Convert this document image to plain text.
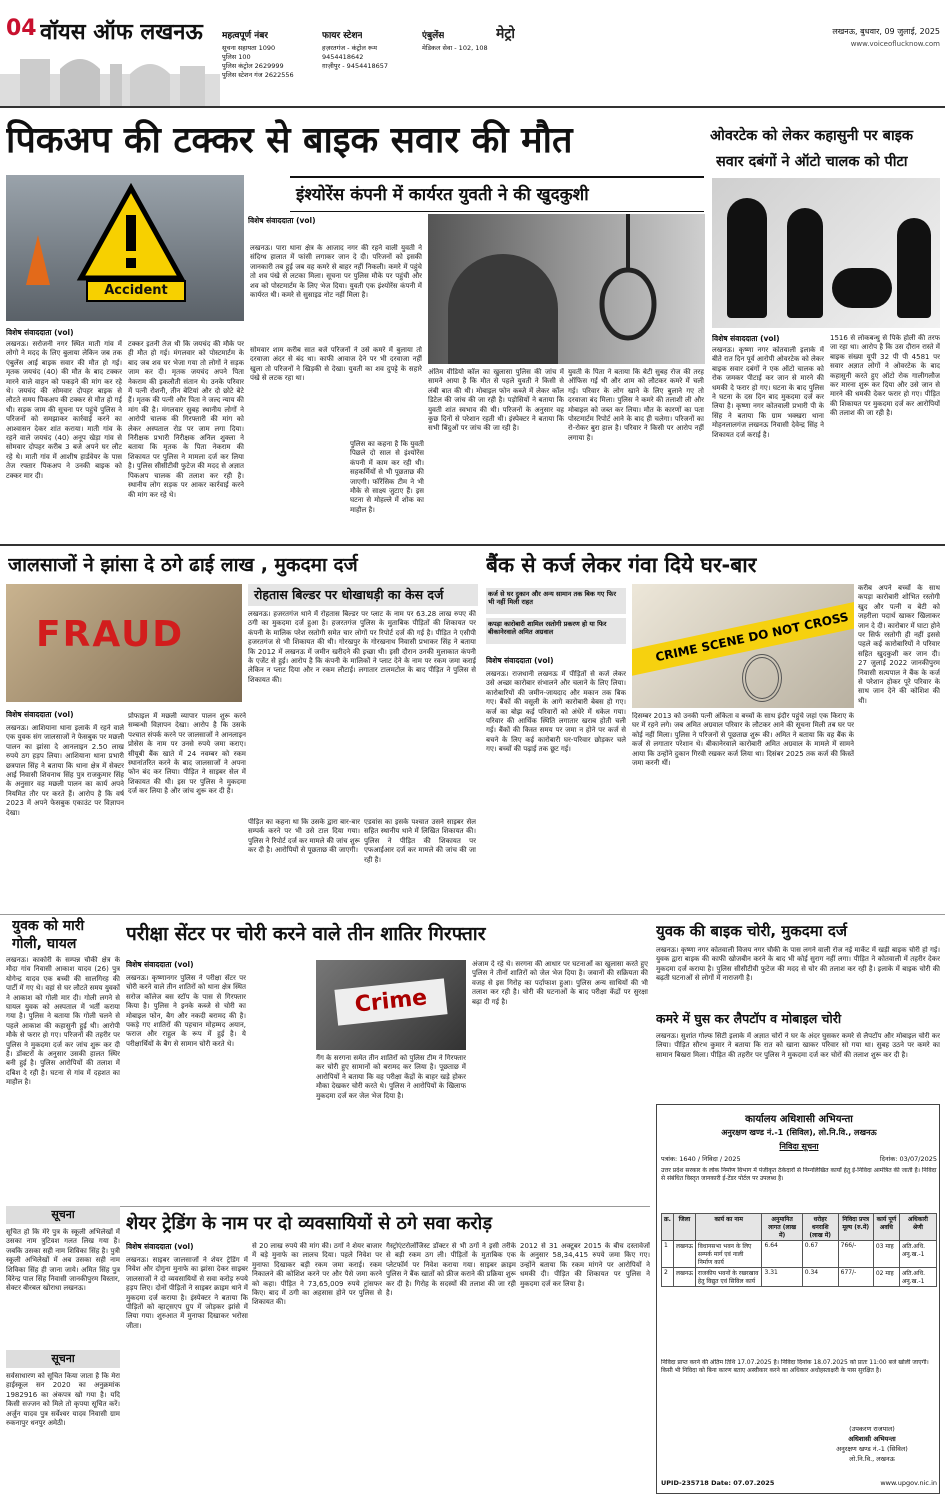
04 वॉयस ऑफ लखनऊ	महत्वपूर्ण नंबर
सूचना सहायता 1090
पुलिस 100
पुलिस कंट्रोल 2629999
पुलिस स्टेशन गंज 2622556
फायर स्टेशन
हज़रतगंज - कंट्रोल रूम
9454418642
ग़ाज़ीपुर - 9454418657
एंबुलेंस
मेडिकल सेवा - 102, 108
मेट्रो	लखनऊ, बुधवार, 09 जुलाई, 2025
www.voiceoflucknow.com
पिकअप की टक्कर से बाइक सवार की मौत
Accident
विशेष संवाददाता (vol)
लखनऊ। सरोजनी नगर स्थित माती गांव में लोगो ने मदद के लिए बुलाया लेकिन जब तक एंबुलेंस आई बाइक सवार की मौत हो गई। मृतक जयचंद (40) की मौत के बाद टक्कर मारने वाले वाहन को पकड़ने की मांग कर रहे थे। जयचंद की सोमवार दोपहर बाइक से लौटते समय पिकअप की टक्कर से मौत हो गई थी। सड़क जाम की सूचना पर पहुंचे पुलिस ने परिजनों को समझाकर कार्रवाई करने का आश्वासन देकर शांत कराया। माती गांव के रहने वाले जयचंद (40) अनूप खेड़ा गांव से सोमवार दोपहर करीब 3 बजे अपने घर लौट रहे थे। माती गांव में आशीष हार्डवेयर के पास तेज रफ्तार पिकअप ने उनकी बाइक को टक्कर मार दी।
टक्कर इतनी तेज थी कि जयचंद की मौके पर ही मौत हो गई। मंगलवार को पोस्टमार्टम के बाद जब शव घर भेजा गया तो लोगों ने सड़क जाम कर दी। मृतक जयचंद अपने पिता नेकराम की इकलौती संतान थे। उनके परिवार में पत्नी रोशनी, तीन बेटियां और दो छोटे बेटे हैं। मृतक की पत्नी और पिता ने जल्द न्याय की मांग की है। मंगलवार सुबह स्थानीय लोगों ने आरोपी चालक की गिरफ्तारी की मांग को लेकर अस्पताल रोड पर जाम लगा दिया। निरीक्षक प्रभारी निरीक्षक अनिल शुक्ला ने बताया कि मृतक के पिता नेकराम की शिकायत पर पुलिस ने मामला दर्ज कर लिया है। पुलिस सीसीटीवी फुटेज की मदद से अज्ञात पिकअप चालक की तलाश कर रही है। स्थानीय लोग सड़क पर आकर कार्रवाई करने की मांग कर रहे थे।
इंश्योरेंस कंपनी में कार्यरत युवती ने की खुदकुशी
विशेष संवाददाता (vol)
लखनऊ। पारा थाना क्षेत्र के आजाद नगर की रहने वाली युवती ने संदिग्ध हालात में फांसी लगाकर जान दे दी। परिजनों को इसकी जानकारी तब हुई जब वह कमरे से बाहर नहीं निकली। कमरे में पहुंचे तो शव पंखे से लटका मिला। सूचना पर पुलिस मौके पर पहुंची और शव को पोस्टमार्टम के लिए भेज दिया। युवती एक इंश्योरेंस कंपनी में कार्यरत थी। कमरे से सुसाइड नोट नहीं मिला है।
सोमवार शाम करीब सात बजे परिजनों ने उसे कमरे में बुलाया तो दरवाजा अंदर से बंद था। काफी आवाज देने पर भी दरवाजा नहीं खुला तो परिजनों ने खिड़की से देखा। युवती का शव दुपट्टे के सहारे पंखे से लटक रहा था।
अंतिम वीडियो कॉल का खुलासा पुलिस की जांच में सामने आया है कि मौत से पहले युवती ने किसी से लंबी बात की थी। मोबाइल फोन कब्जे में लेकर कॉल डिटेल की जांच की जा रही है। पड़ोसियों ने बताया कि युवती शांत स्वभाव की थी। परिजनों के अनुसार वह कुछ दिनों से परेशान रहती थी। इंस्पेक्टर ने बताया कि सभी बिंदुओं पर जांच की जा रही है।
युवती के पिता ने बताया कि बेटी सुबह रोज की तरह ऑफिस गई थी और शाम को लौटकर कमरे में चली गई। परिवार के लोग खाने के लिए बुलाने गए तो दरवाजा बंद मिला। पुलिस ने कमरे की तलाशी ली और मोबाइल को जब्त कर लिया। मौत के कारणों का पता पोस्टमार्टम रिपोर्ट आने के बाद ही चलेगा। परिजनों का रो-रोकर बुरा हाल है। परिवार ने किसी पर आरोप नहीं लगाया है।
पुलिस का कहना है कि युवती पिछले दो साल से इंश्योरेंस कंपनी में काम कर रही थी। सहकर्मियों से भी पूछताछ की जाएगी। फॉरेंसिक टीम ने भी मौके से साक्ष्य जुटाए हैं। इस घटना से मोहल्ले में शोक का माहौल है।
ओवरटेक को लेकर कहासुनी पर बाइक
सवार दबंगों ने ऑटो चालक को पीटा
विशेष संवाददाता (vol)
लखनऊ। कृष्णा नगर कोतवाली इलाके में बीते रात दिन पूर्व आरोपी ओवरटेक को लेकर बाइक सवार दबंगों ने एक ऑटो चालक को रोक जमकर पीटाई कर जान से मारने की धमकी दे फरार हो गए। घटना के बाद पुलिस ने घटना के दस दिन बाद मुकदमा दर्ज कर लिया है। कृष्णा नगर कोतवाली प्रभारी पी के सिंह ने बताया कि ग्राम भक्खरा थाना मोहनलालगंज लखनऊ निवासी देवेन्द्र सिंह ने शिकायत दर्ज कराई है।
1516 से लोकबन्धु से पिके होली की तरफ जा रहा था। आरोप है कि उस दौरान रास्ते में बाइक संख्या यूपी 32 पी पी 4581 पर सवार अज्ञात लोगों ने ओवरटेक के बाद कहासुनी करते हुए ऑटो रोक गालीगलौज कर मारना शुरू कर दिया और उसे जान से मारने की धमकी देकर फरार हो गए। पीड़ित की शिकायत पर मुकदमा दर्ज कर आरोपियों की तलाश की जा रही है।
जालसाजों ने झांसा दे ठगे ढाई लाख , मुकदमा दर्ज
FRAUD
विशेष संवाददाता (vol)
लखनऊ। आशियाना थाना इलाके में रहने वाले एक युवक संग जालसाजों ने फेसबुक पर मछली पालन का झांसा दे आनलाइन 2.50 लाख रुपये ठग हड़प लिया। आशियाना थाना प्रभारी छत्रपाल सिंह ने बताया कि थाना क्षेत्र में सेक्टर आई निवासी शिवनाथ सिंह पुत्र राजकुमार सिंह के अनुसार वह मछली पालन का कार्य अपने नियमित तौर पर करते हैं। आरोप है कि वर्ष 2023 में अपने फेसबुक एकाउंट पर विज्ञापन देखा।
प्रोफाइल में मछली व्यापार पालन शुरू करने सम्बन्धी विज्ञापन देखा। आरोप है कि उसके पश्चात संपर्क करने पर जालसाजों ने आनलाइन प्रोसेस के नाम पर उनसे रुपये जमा कराए। सीयूबी बैंक खाते में 24 नवम्बर को रकम स्थानांतरित करने के बाद जालसाजों ने अपना फोन बंद कर लिया। पीड़ित ने साइबर सेल में शिकायत की थी। इस पर पुलिस ने मुकदमा दर्ज कर लिया है और जांच शुरू कर दी है।
रोहतास बिल्डर पर धोखाधड़ी का केस दर्ज
लखनऊ। हजरतगंज थाने में रोहतास बिल्डर पर प्लाट के नाम पर 63.28 लाख रुपए की ठगी का मुकदमा दर्ज हुआ है। हजरतगंज पुलिस के मुताबिक पीड़ितों की शिकायत पर कंपनी के मालिक परेश रस्तोगी समेत चार लोगों पर रिपोर्ट दर्ज की गई है। पीड़ित ने एसीपी हजरतगंज से भी शिकायत की थी। गोरखपुर के गोरखनाथ निवासी प्रभाकर सिंह ने बताया कि 2012 में लखनऊ में जमीन खरीदने की इच्छा थी। इसी दौरान उनकी मुलाकात कंपनी के एजेंट से हुई। आरोप है कि कंपनी के मालिकों ने प्लाट देने के नाम पर रकम जमा कराई लेकिन न प्लाट दिया और न रकम लौटाई। लगातार टालमटोल के बाद पीड़ित ने पुलिस से शिकायत की।
पीड़ित का कहना था कि उसके द्वारा बार-बार सम्पर्क करने पर भी उसे टाल दिया गया। पुलिस ने रिपोर्ट दर्ज कर मामले की जांच शुरू कर दी है। आरोपियों से पूछताछ की जाएगी।
एडवांस का इसके पश्चात उसने साइबर सेल सहित स्थानीय थाने में लिखित शिकायत की। पुलिस ने पीड़ित की शिकायत पर एफआईआर दर्ज कर मामले की जांच की जा रही है।
बैंक से कर्ज लेकर गंवा दिये घर-बार
कर्ज से घर दुकान और अन्य सामान तक बिक गए फिर भी नहीं मिली राहत
कपड़ा कारोबारी शामिल रस्तोगी प्रकरण हो या फिर बीकानेरवाले अमित अग्रवाल	CRIME SCENE DO NOT CROSS
करीब अपने बच्चों के साथ कपड़ा कारोबारी शोभित रस्तोगी खुद और पत्नी व बेटी को जहरीला पदार्थ खाकर खिलाकर जान दे दी। कारोबार में घाटा होने पर सिर्फ रस्तोगी ही नहीं इससे पहले कई कारोबारियों ने परिवार सहित खुदकुशी कर जान दी। 27 जुलाई 2022 जानकीपुरम निवासी सत्यपाल ने बैंक के कर्ज से परेशान होकर पूरे परिवार के साथ जान देने की कोशिश की थी।
विशेष संवाददाता (vol)
लखनऊ। राजधानी लखनऊ में पीड़ितों से कर्ज लेकर उसे अच्छा कारोबार संभालने और चलाने के लिए लिया। कारोबारियों की जमीन-जायदाद और मकान तक बिक गए। बैंकों की वसूली के आगे कारोबारी बेबस हो गए। कर्ज का बोझ कई परिवारों को अंधेरे में धकेल गया। परिवार की आर्थिक स्थिति लगातार खराब होती चली गई। बैंकों की किस्त समय पर जमा न होने पर कर्ज से बचने के लिए कई कारोबारी घर-परिवार छोड़कर चले गए। बच्चों की पढ़ाई तक छूट गई।
दिसम्बर 2013 को उनकी पत्नी अंकिता व बच्चों के साथ इंदौर पहुंचे जहां एक किराए के घर में रहने लगे। जब अमित अग्रवाल परिवार के लौटकर आने की सूचना मिली तब घर पर कोई नहीं मिला। पुलिस ने परिजनों से पूछताछ शुरू की। अमित ने बताया कि वह बैंक के कर्ज से लगातार परेशान थे। बीकानेरवाले कारोबारी अमित अग्रवाल के मामले में सामने आया कि उन्होंने दुकान गिरवी रखकर कर्ज लिया था। दिसंबर 2025 तक कर्ज की किस्तें जमा करनी थीं।
युवक को मारी
गोली, घायल
लखनऊ। काकोरी के सम्पन्न चौकी क्षेत्र के मौदा गांव निवासी आकाश यादव (26) पुत्र योगेन्द्र यादव एक बच्ची की सालगिरह की पार्टी में गए थे। वहां से घर लौटते समय युवकों ने आकाश को गोली मार दी। गोली लगने से घायल युवक को अस्पताल में भर्ती कराया गया है। पुलिस ने बताया कि गोली चलने से पहले आकाश की कहासुनी हुई थी। आरोपी मौके से फरार हो गए। परिजनों की तहरीर पर पुलिस ने मुकदमा दर्ज कर जांच शुरू कर दी है। डॉक्टरों के अनुसार उसकी हालत स्थिर बनी हुई है। पुलिस आरोपियों की तलाश में दबिश दे रही है। घटना से गांव में दहशत का माहौल है।
परीक्षा सेंटर पर चोरी करने वाले तीन शातिर गिरफ्तार
विशेष संवाददाता (vol)
लखनऊ। कृष्णानगर पुलिस ने परीक्षा सेंटर पर चोरी करने वाले तीन शातिरों को थाना क्षेत्र स्थित सरोज कॉलेज बस स्टॉप के पास से गिरफ्तार किया है। पुलिस ने इनके कब्जे से चोरी का मोबाइल फोन, बैग और नकदी बरामद की है। पकड़े गए शातिरों की पहचान मोहम्मद अयान, फराज और राहुल के रूप में हुई है। ये परीक्षार्थियों के बैग से सामान चोरी करते थे।
Crime
गैंग के सरगना समेत तीन शातिरों को पुलिस टीम ने गिरफ्तार कर चोरी हुए सामानों को बरामद कर लिया है। पूछताछ में आरोपियों ने बताया कि वह परीक्षा केंद्रों के बाहर खड़े होकर मौका देखकर चोरी करते थे। पुलिस ने आरोपियों के खिलाफ मुकदमा दर्ज कर जेल भेज दिया है।
अंजाम दे रहे थे। सरगना की आधार पर घटनाओं का खुलासा करते हुए पुलिस ने तीनों शातिरों को जेल भेज दिया है। जवानों की सक्रियता की वजह से इस गिरोह का पर्दाफाश हुआ। पुलिस अन्य साथियों की भी तलाश कर रही है। चोरी की घटनाओं के बाद परीक्षा केंद्रों पर सुरक्षा बढ़ा दी गई है।
युवक की बाइक चोरी, मुकदमा दर्ज
लखनऊ। कृष्णा नगर कोतवाली विजय नगर चौकी के पास लगने वाली रोज नई मार्केट में खड़ी बाइक चोरी हो गई। युवक द्वारा बाइक की काफी खोजबीन करने के बाद भी कोई सुराग नहीं लगा। पीड़ित ने कोतवाली में तहरीर देकर मुकदमा दर्ज कराया है। पुलिस सीसीटीवी फुटेज की मदद से चोर की तलाश कर रही है। इलाके में बाइक चोरी की बढ़ती घटनाओं से लोगों में नाराजगी है।
कमरे में घुस कर लैपटॉप व मोबाइल चोरी
लखनऊ। सुशांत गोल्फ सिटी इलाके में अज्ञात चोरों ने घर के अंदर घुसकर कमरे से लैपटॉप और मोबाइल चोरी कर लिया। पीड़ित सौरभ कुमार ने बताया कि रात को खाना खाकर परिवार सो गया था। सुबह उठने पर कमरे का सामान बिखरा मिला। पीड़ित की तहरीर पर पुलिस ने मुकदमा दर्ज कर चोरों की तलाश शुरू कर दी है।
कार्यालय अधिशासी अभियन्ता
अनुरक्षण खण्ड नं.-1 (सिविल), लो.नि.वि., लखनऊ
निविदा सूचना
पत्रांक: 1640 / निविदा / 2025	दिनांक: 03/07/2025
उत्तर प्रदेश सरकार के लोक निर्माण विभाग में पंजीकृत ठेकेदारों से निम्नलिखित कार्यों हेतु ई-निविदा आमंत्रित की जाती है। निविदा से संबंधित विस्तृत जानकारी ई-टेंडर पोर्टल पर उपलब्ध है।
क्र.	जिला	कार्य का नाम	अनुमानित लागत (लाख में)	धरोहर धनराशि (लाख में)	निविदा प्रपत्र मूल्य (रु.में)	कार्य पूर्ण अवधि	अधिकारी श्रेणी
1	लखनऊ	विधानसभा भवन के लिए सम्पर्क मार्ग एवं नाली निर्माण कार्य	6.64	0.67	766/-	03 माह	अति.अधि. अनु.ख.-1
2	लखनऊ	राजकीय भवनों के रखरखाव हेतु विद्युत एवं सिविल कार्य	3.31	0.34	677/-	02 माह	अति.अधि. अनु.ख.-1
निविदा प्राप्त करने की अंतिम तिथि 17.07.2025 है। निविदा दिनांक 18.07.2025 को प्रातः 11:00 बजे खोली जाएगी। किसी भी निविदा को बिना कारण बताए अस्वीकार करने का अधिकार अधोहस्ताक्षरी के पास सुरक्षित है।
(उपकरण राजपाल)
अधिशासी अभियन्ता
अनुरक्षण खण्ड नं.-1 (सिविल)
लो.नि.वि., लखनऊ
UPID-235718 Date: 07.07.2025	www.upgov.nic.in
सूचना
सूचित हो कि मेरे पुत्र के स्कूली अभिलेखों में उसका नाम त्रुटिवश गलत लिख गया है। जबकि उसका सही नाम शिविका सिंह है। पुत्री स्कूली अभिलेखों में अब उसका सही नाम शिविका सिंह ही जाना जाये। अमित सिंह पुत्र विरेन्द्र पाल सिंह निवासी जानकीपुरम विस्तार, सेक्टर बीरबल खोराधा लखनऊ।
सूचना
सर्वसाधारण को सूचित किया जाता है कि मेरा हाईस्कूल सन 2020 का अनुक्रमांक 1982916 का अंकपत्र खो गया है। यदि किसी सज्जन को मिले तो कृपया सूचित करें। अर्जुन यादव पुत्र सर्वेश्वर यादव निवासी ग्राम रुकनापुर धनपुर अमेठी।
शेयर ट्रेडिंग के नाम पर दो व्यवसायियों से ठगे सवा करोड़
विशेष संवाददाता (vol)
लखनऊ। साइबर जालसाजों ने शेयर ट्रेडिंग में निवेश और दोगुना मुनाफे का झांसा देकर साइबर जालसाजों ने दो व्यवसायियों से सवा करोड़ रुपये हड़प लिए। दोनों पीड़ितों ने साइबर क्राइम थाने में मुकदमा दर्ज कराया है। इंस्पेक्टर ने बताया कि पीड़ितों को व्हाट्सएप ग्रुप में जोड़कर झांसे में लिया गया। शुरुआत में मुनाफा दिखाकर भरोसा जीता।
से 20 लाख रुपये की मांग की। ठगों ने शेयर बाजार में बड़े मुनाफे का लालच दिया। पहले निवेश पर मुनाफा दिखाकर बड़ी रकम जमा कराई। रकम निकालने की कोशिश करने पर और पैसे जमा करने को कहा। पीड़ित ने 73,65,009 रुपये ट्रांसफर किए। बाद में ठगी का अहसास होने पर पुलिस से शिकायत की।
गैस्ट्रोएंटरोलॉजिस्ट डॉक्टर से भी ठगों ने इसी तरीके से बड़ी रकम ठग ली। पीड़ितों के मुताबिक एक प्लेटफॉर्म पर निवेश कराया गया। साइबर क्राइम पुलिस ने बैंक खातों को फ्रीज कराने की प्रक्रिया शुरू कर दी है। गिरोह के सदस्यों की तलाश की जा रही है।
2012 से 31 अक्टूबर 2015 के बीच दस्तावेजों के अनुसार 58,34,415 रुपये जमा किए गए। उन्होंने बताया कि रकम मांगने पर आरोपियों ने धमकी दी। पीड़ित की शिकायत पर पुलिस ने मुकदमा दर्ज कर लिया है।
